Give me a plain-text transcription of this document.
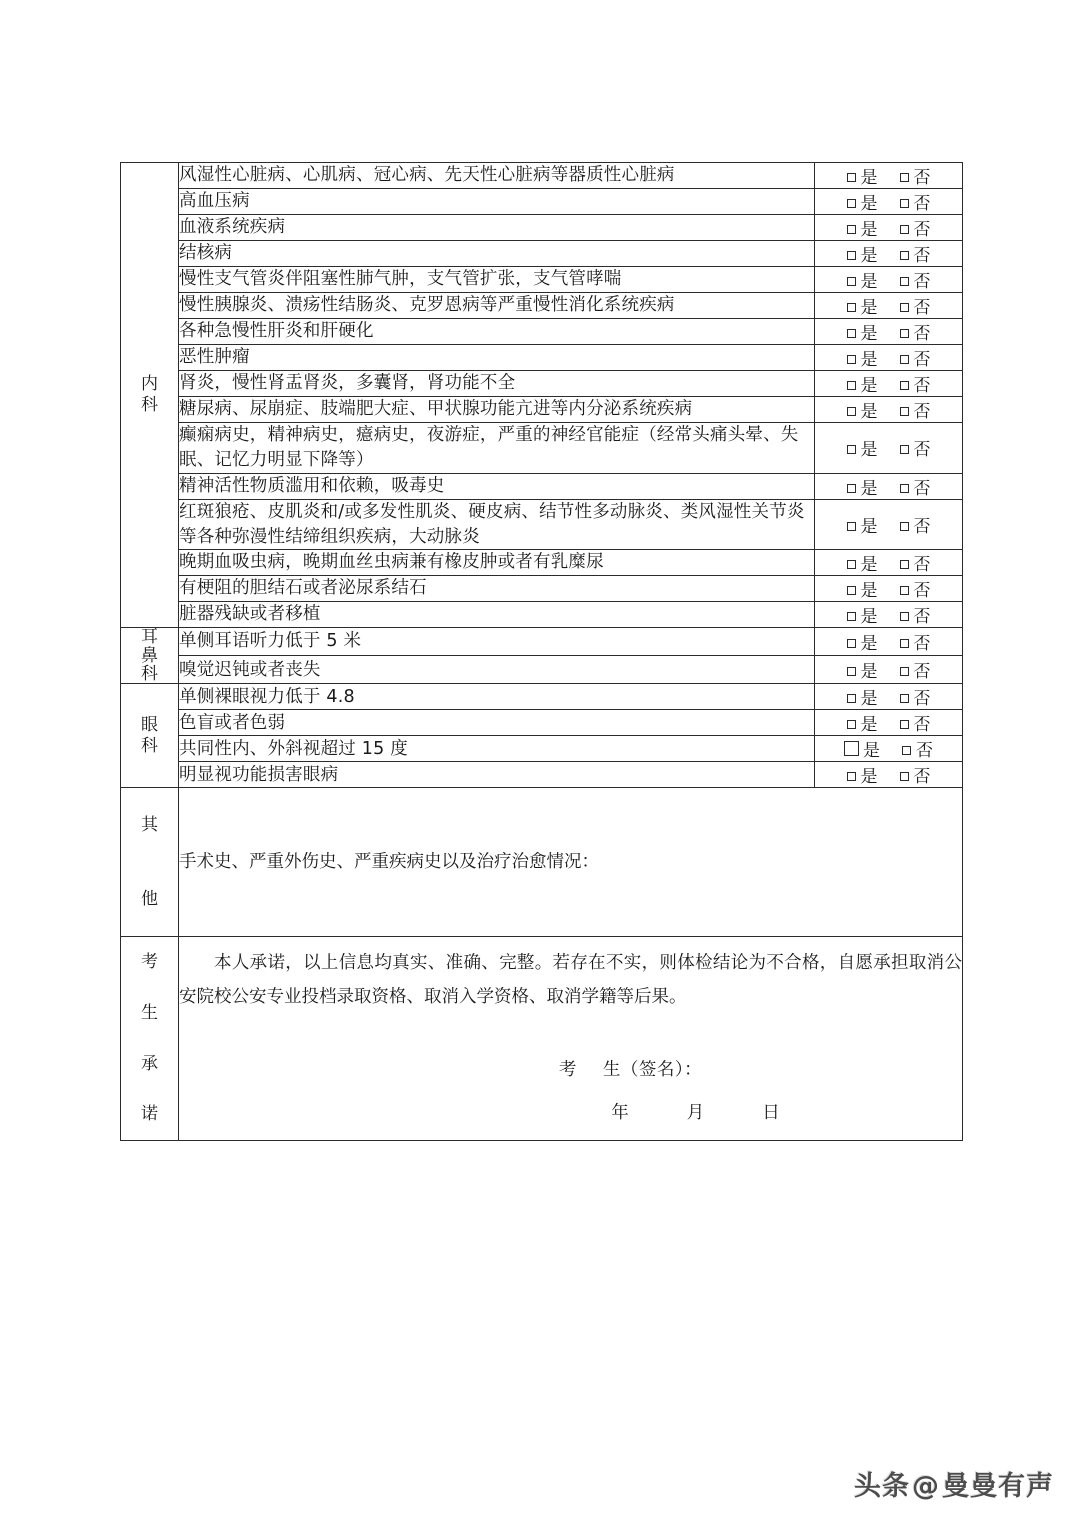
内
科	风湿性心脏病、心肌病、冠心病、先天性心脏病等器质性心脏病	是 否
	高血压病	是 否
	血液系统疾病	是 否
	结核病	是 否
	慢性支气管炎伴阻塞性肺气肿，支气管扩张，支气管哮喘	是 否
	慢性胰腺炎、溃疡性结肠炎、克罗恩病等严重慢性消化系统疾病	是 否
	各种急慢性肝炎和肝硬化	是 否
	恶性肿瘤	是 否
	肾炎，慢性肾盂肾炎，多囊肾，肾功能不全	是 否
	糖尿病、尿崩症、肢端肥大症、甲状腺功能亢进等内分泌系统疾病	是 否
	癫痫病史，精神病史，癔病史，夜游症，严重的神经官能症（经常头痛头晕、失眠、记忆力明显下降等）	是 否
	精神活性物质滥用和依赖，吸毒史	是 否
	红斑狼疮、皮肌炎和/或多发性肌炎、硬皮病、结节性多动脉炎、类风湿性关节炎等各种弥漫性结缔组织疾病，大动脉炎	是 否
	晚期血吸虫病，晚期血丝虫病兼有橡皮肿或者有乳糜尿	是 否
	有梗阻的胆结石或者泌尿系结石	是 否
	脏器残缺或者移植	是 否

耳
鼻
科	单侧耳语听力低于 5 米	是 否
	嗅觉迟钝或者丧失	是 否

眼
科	单侧裸眼视力低于 4.8	是 否
	色盲或者色弱	是 否
	共同性内、外斜视超过 15 度	是 否
	明显视功能损害眼病	是 否

其
他	手术史、严重外伤史、严重疾病史以及治疗治愈情况：	

考
生
承
诺

本人承诺，以上信息均真实、准确、完整。若存在不实，则体检结论为不合格，自愿承担取消公安院校公安专业投档录取资格、取消入学资格、取消学籍等后果。

考 生（签名）：
年	月	日
头条@曼曼有声
